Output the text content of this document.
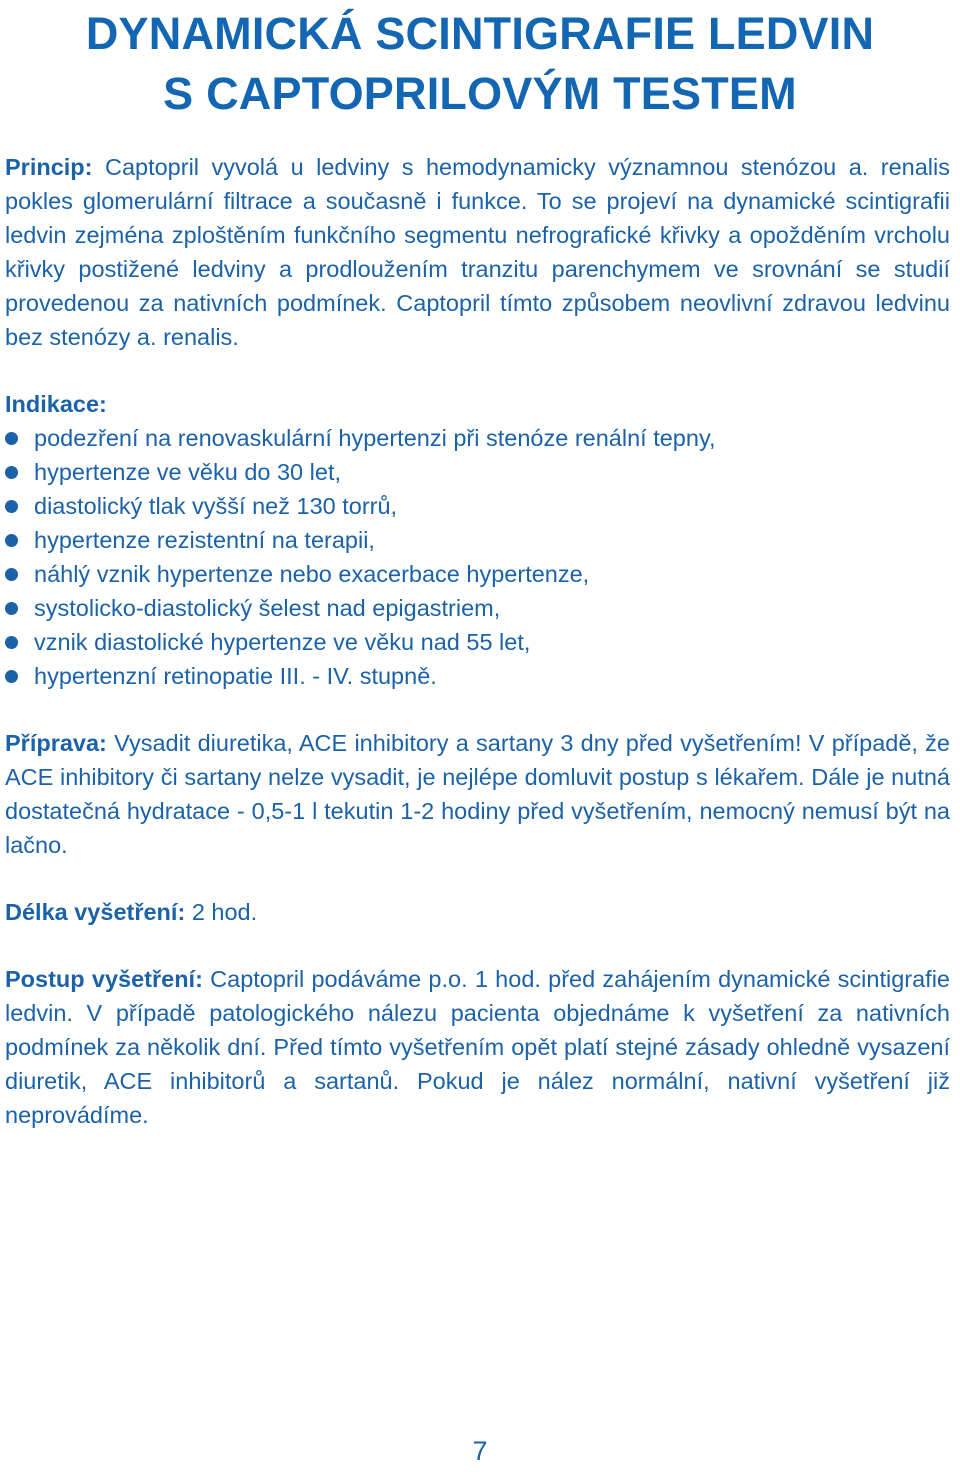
DYNAMICKÁ SCINTIGRAFIE LEDVIN
S CAPTOPRILOVÝM TESTEM

Princip: Captopril vyvolá u ledviny s hemodynamicky významnou stenózou a. renalis pokles glomerulární filtrace a současně i funkce. To se projeví na dynamické scintigrafii ledvin zejména zploštěním funkčního segmentu nefrografické křivky a opožděním vrcholu křivky postižené ledviny a prodloužením tranzitu parenchymem ve srovnání se studií provedenou za nativních podmínek. Captopril tímto způsobem neovlivní zdravou ledvinu bez stenózy a. renalis.

Indikace:

podezření na renovaskulární hypertenzi při stenóze renální tepny,
hypertenze ve věku do 30 let,
diastolický tlak vyšší než 130 torrů,
hypertenze rezistentní na terapii,
náhlý vznik hypertenze nebo exacerbace hypertenze,
systolicko-diastolický šelest nad epigastriem,
vznik diastolické hypertenze ve věku nad 55 let,
hypertenzní retinopatie III. - IV. stupně.

Příprava: Vysadit diuretika, ACE inhibitory a sartany 3 dny před vyšetřením! V případě, že ACE inhibitory či sartany nelze vysadit, je nejlépe domluvit postup s lékařem. Dále je nutná dostatečná hydratace - 0,5-1 l tekutin 1-2 hodiny před vyšetřením, nemocný nemusí být na lačno.

Délka vyšetření: 2 hod.

Postup vyšetření: Captopril podáváme p.o. 1 hod. před zahájením dynamické scintigrafie ledvin. V případě patologického nálezu pacienta objednáme k vyšetření za nativních podmínek za několik dní. Před tímto vyšetřením opět platí stejné zásady ohledně vysazení diuretik, ACE inhibitorů a sartanů. Pokud je nález normální, nativní vyšetření již neprovádíme.

7
